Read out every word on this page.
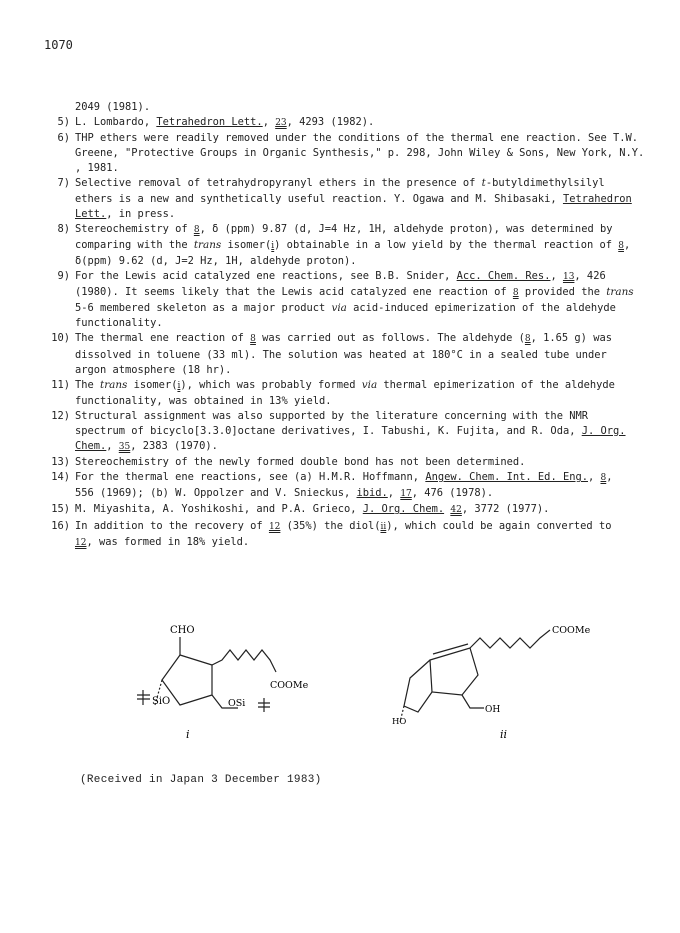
1070
2049 (1981).
5) L. Lombardo, Tetrahedron Lett., 23, 4293 (1982).
6) THP ethers were readily removed under the conditions of the thermal ene reaction. See T.W.
Greene, "Protective Groups in Organic Synthesis," p. 298, John Wiley & Sons, New York, N.Y.
, 1981.
7) Selective removal of tetrahydropyranyl ethers in the presence of t-butyldimethylsilyl
ethers is a new and synthetically useful reaction. Y. Ogawa and M. Shibasaki, Tetrahedron
Lett., in press.
8) Stereochemistry of 8, δ (ppm) 9.87 (d, J=4 Hz, 1H, aldehyde proton), was determined by
comparing with the trans isomer(i) obtainable in a low yield by the thermal reaction of 8,
δ(ppm) 9.62 (d, J=2 Hz, 1H, aldehyde proton).
9) For the Lewis acid catalyzed ene reactions, see B.B. Snider, Acc. Chem. Res., 13, 426
(1980). It seems likely that the Lewis acid catalyzed ene reaction of 8 provided the trans
5-6 membered skeleton as a major product via acid-induced epimerization of the aldehyde
functionality.
10) The thermal ene reaction of 8 was carried out as follows. The aldehyde (8, 1.65 g) was
dissolved in toluene (33 ml). The solution was heated at 180°C in a sealed tube under
argon atmosphere (18 hr).
11) The trans isomer(i), which was probably formed via thermal epimerization of the aldehyde
functionality, was obtained in 13% yield.
12) Structural assignment was also supported by the literature concerning with the NMR
spectrum of bicyclo[3.3.0]octane derivatives, I. Tabushi, K. Fujita, and R. Oda, J. Org.
Chem., 35, 2383 (1970).
13) Stereochemistry of the newly formed double bond has not been determined.
14) For the thermal ene reactions, see (a) H.M.R. Hoffmann, Angew. Chem. Int. Ed. Eng., 8,
556 (1969); (b) W. Oppolzer and V. Snieckus, ibid., 17, 476 (1978).
15) M. Miyashita, A. Yoshikoshi, and P.A. Grieco, J. Org. Chem. 42, 3772 (1977).
16) In addition to the recovery of 12 (35%) the diol(ii), which could be again converted to
12, was formed in 18% yield.
CHO
COOMe
OSi
SiO
i
COOMe
HO
OH
ii
(Received in Japan 3 December 1983)
